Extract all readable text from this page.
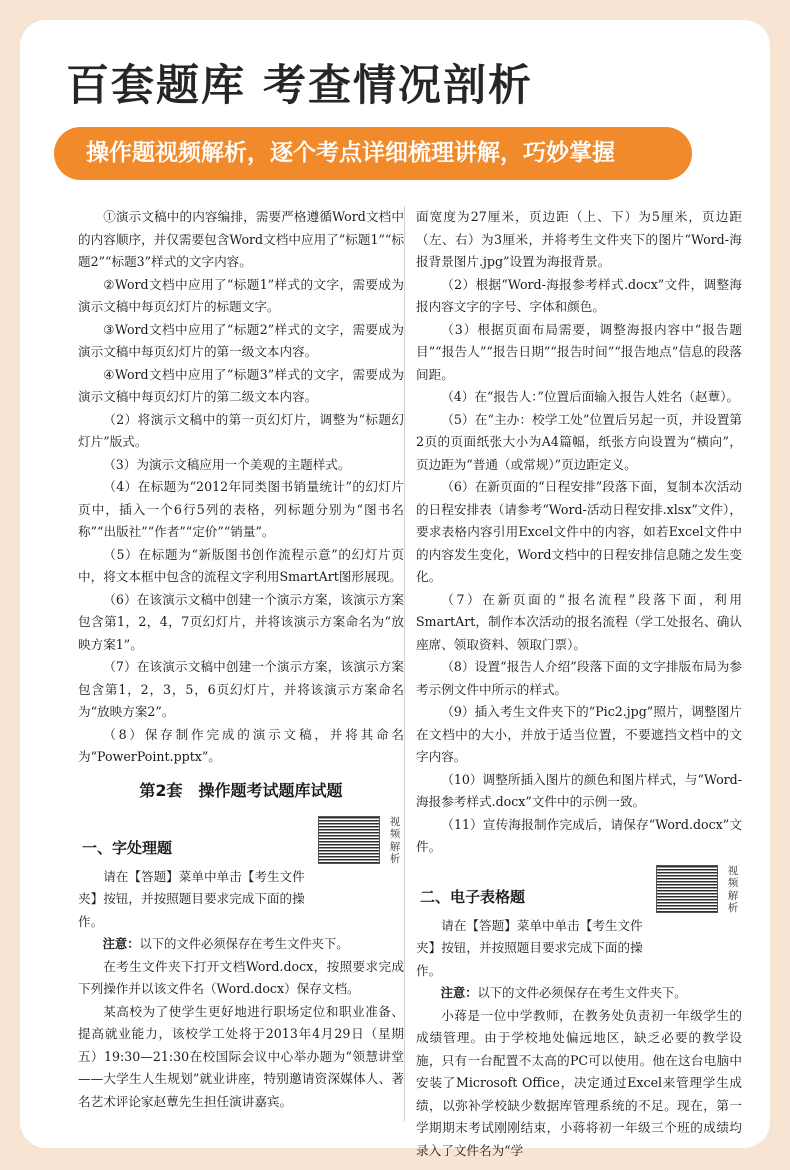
百套题库 考查情况剖析
操作题视频解析，逐个考点详细梳理讲解，巧妙掌握

①演示文稿中的内容编排，需要严格遵循Word文档中的内容顺序，并仅需要包含Word文档中应用了“标题1”“标题2”“标题3”样式的文字内容。

②Word文档中应用了“标题1”样式的文字，需要成为演示文稿中每页幻灯片的标题文字。

③Word文档中应用了“标题2”样式的文字，需要成为演示文稿中每页幻灯片的第一级文本内容。

④Word文档中应用了“标题3”样式的文字，需要成为演示文稿中每页幻灯片的第二级文本内容。

（2）将演示文稿中的第一页幻灯片，调整为“标题幻灯片”版式。

（3）为演示文稿应用一个美观的主题样式。

（4）在标题为“2012年同类图书销量统计”的幻灯片页中，插入一个6行5列的表格，列标题分别为“图书名称”“出版社”“作者”“定价”“销量”。

（5）在标题为“新版图书创作流程示意”的幻灯片页中，将文本框中包含的流程文字利用SmartArt图形展现。

（6）在该演示文稿中创建一个演示方案，该演示方案包含第1，2，4，7页幻灯片，并将该演示方案命名为“放映方案1”。

（7）在该演示文稿中创建一个演示方案，该演示方案包含第1，2，3，5，6页幻灯片，并将该演示方案命名为“放映方案2”。

（8）保存制作完成的演示文稿，并将其命名为“PowerPoint.pptx”。

第2套　操作题考试题库试题
一、字处理题
视
频
解
析

请在【答题】菜单中单击【考生文件夹】按钮，并按照题目要求完成下面的操作。

注意：以下的文件必须保存在考生文件夹下。

在考生文件夹下打开文档Word.docx，按照要求完成下列操作并以该文件名（Word.docx）保存文档。

某高校为了使学生更好地进行职场定位和职业准备、提高就业能力，该校学工处将于2013年4月29日（星期五）19:30—21:30在校国际会议中心举办题为“领慧讲堂——大学生人生规划”就业讲座，特别邀请资深媒体人、著名艺术评论家赵蕈先生担任演讲嘉宾。

面宽度为27厘米，页边距（上、下）为5厘米，页边距（左、右）为3厘米，并将考生文件夹下的图片“Word-海报背景图片.jpg”设置为海报背景。

（2）根据“Word-海报参考样式.docx”文件，调整海报内容文字的字号、字体和颜色。

（3）根据页面布局需要，调整海报内容中“报告题目”“报告人”“报告日期”“报告时间”“报告地点”信息的段落间距。

（4）在“报告人：”位置后面输入报告人姓名（赵蕈）。

（5）在“主办：校学工处”位置后另起一页，并设置第2页的页面纸张大小为A4篇幅，纸张方向设置为“横向”，页边距为“普通（或常规）”页边距定义。

（6）在新页面的“日程安排”段落下面，复制本次活动的日程安排表（请参考“Word-活动日程安排.xlsx”文件），要求表格内容引用Excel文件中的内容，如若Excel文件中的内容发生变化，Word文档中的日程安排信息随之发生变化。

（7）在新页面的“报名流程”段落下面，利用SmartArt，制作本次活动的报名流程（学工处报名、确认座席、领取资料、领取门票）。

（8）设置“报告人介绍”段落下面的文字排版布局为参考示例文件中所示的样式。

（9）插入考生文件夹下的“Pic2.jpg”照片，调整图片在文档中的大小，并放于适当位置，不要遮挡文档中的文字内容。

（10）调整所插入图片的颜色和图片样式，与“Word-海报参考样式.docx”文件中的示例一致。

（11）宣传海报制作完成后，请保存“Word.docx”文件。

二、电子表格题
视
频
解
析

请在【答题】菜单中单击【考生文件夹】按钮，并按照题目要求完成下面的操作。

注意：以下的文件必须保存在考生文件夹下。

小蒋是一位中学教师，在教务处负责初一年级学生的成绩管理。由于学校地处偏远地区，缺乏必要的教学设施，只有一台配置不太高的PC可以使用。他在这台电脑中安装了Microsoft Office，决定通过Excel来管理学生成绩，以弥补学校缺少数据库管理系统的不足。现在，第一学期期末考试刚刚结束，小蒋将初一年级三个班的成绩均录入了文件名为“学
